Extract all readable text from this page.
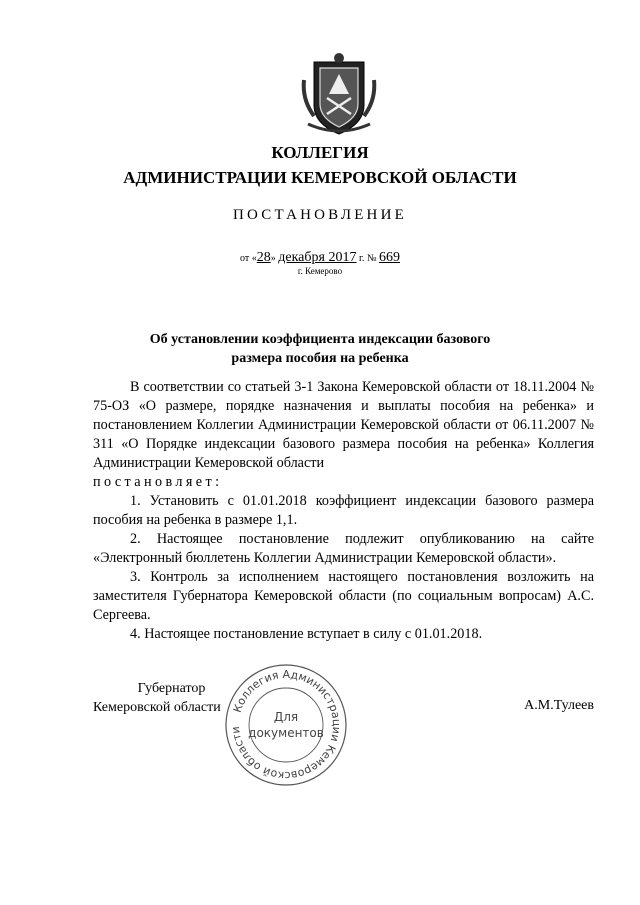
КОЛЛЕГИЯ
АДМИНИСТРАЦИИ КЕМЕРОВСКОЙ ОБЛАСТИ
ПОСТАНОВЛЕНИЕ
от «28» декабря 2017 г. № 669
г. Кемерово
Об установлении коэффициента индексации базового
размера пособия на ребенка

В соответствии со статьей 3-1 Закона Кемеровской области от 18.11.2004 № 75-ОЗ «О размере, порядке назначения и выплаты пособия на ребенка» и постановлением Коллегии Администрации Кемеровской области от 06.11.2007 № 311 «О Порядке индексации базового размера пособия на ребенка» Коллегия Администрации Кемеровской области

постановляет:

1. Установить с 01.01.2018 коэффициент индексации базового размера пособия на ребенка в размере 1,1.

2. Настоящее постановление подлежит опубликованию на сайте «Электронный бюллетень Коллегии Администрации Кемеровской области».

3. Контроль за исполнением настоящего постановления возложить на заместителя Губернатора Кемеровской области (по социальным вопросам) А.С. Сергеева.

4. Настоящее постановление вступает в силу с 01.01.2018.

Губернатор
Кемеровской области	А.М.Тулеев
Коллегия Администрации Кемеровской области
Для
документов
